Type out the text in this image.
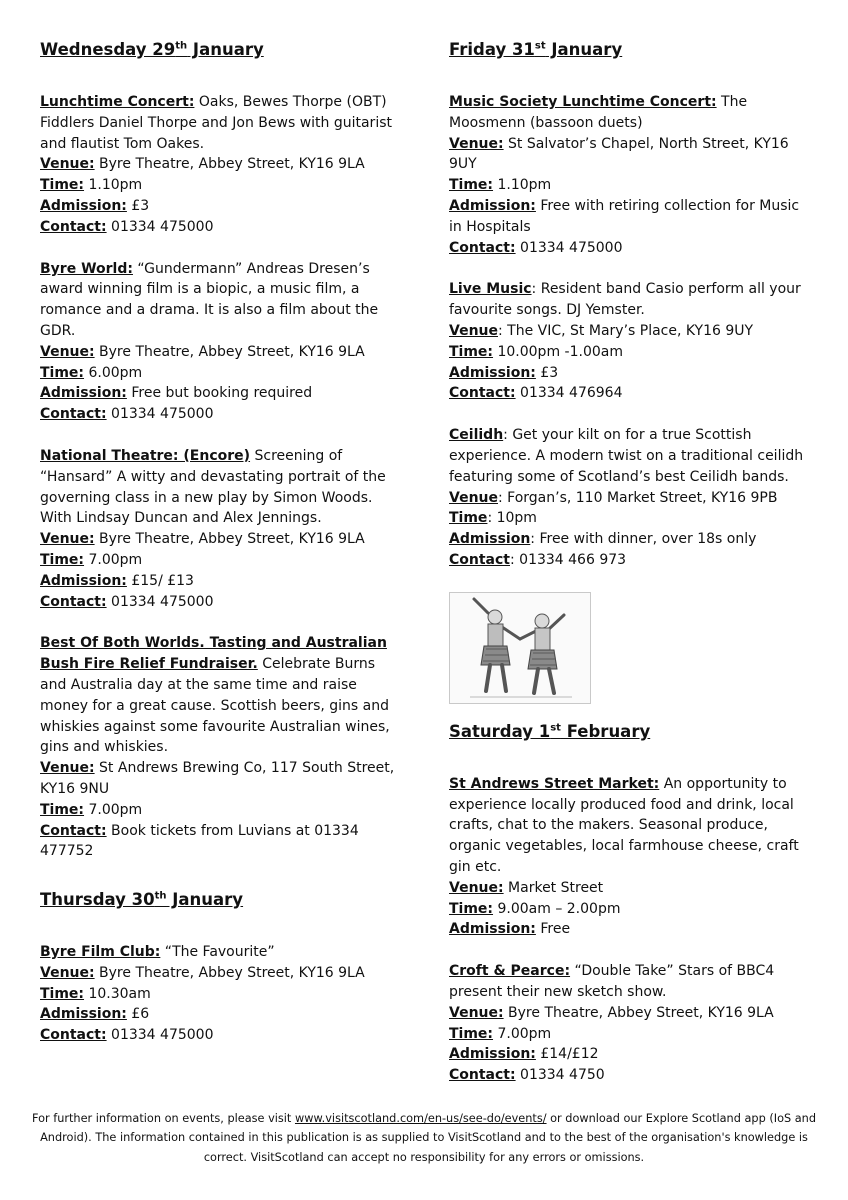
Wednesday 29th January

Lunchtime Concert: Oaks, Bewes Thorpe (OBT) Fiddlers Daniel Thorpe and Jon Bews with guitarist and flautist Tom Oakes.

Venue: Byre Theatre, Abbey Street, KY16 9LA

Time: 1.10pm

Admission: £3

Contact: 01334 475000

Byre World: “Gundermann” Andreas Dresen’s award winning film is a biopic, a music film, a romance and a drama. It is also a film about the GDR.

Venue: Byre Theatre, Abbey Street, KY16 9LA

Time: 6.00pm

Admission: Free but booking required

Contact: 01334 475000

National Theatre: (Encore) Screening of “Hansard” A witty and devastating portrait of the governing class in a new play by Simon Woods. With Lindsay Duncan and Alex Jennings.

Venue: Byre Theatre, Abbey Street, KY16 9LA

Time: 7.00pm

Admission: £15/ £13

Contact: 01334 475000

Best Of Both Worlds. Tasting and Australian Bush Fire Relief Fundraiser. Celebrate Burns and Australia day at the same time and raise money for a great cause. Scottish beers, gins and whiskies against some favourite Australian wines, gins and whiskies.

Venue: St Andrews Brewing Co, 117 South Street, KY16 9NU

Time: 7.00pm

Contact: Book tickets from Luvians at 01334 477752

Thursday 30th January

Byre Film Club: “The Favourite”

Venue: Byre Theatre, Abbey Street, KY16 9LA

Time: 10.30am

Admission: £6

Contact: 01334 475000

Friday 31st January

Music Society Lunchtime Concert: The Moosmenn (bassoon duets)

Venue: St Salvator’s Chapel, North Street, KY16 9UY

Time: 1.10pm

Admission: Free with retiring collection for Music in Hospitals

Contact: 01334 475000

Live Music: Resident band Casio perform all your favourite songs. DJ Yemster.

Venue: The VIC, St Mary’s Place, KY16 9UY

Time: 10.00pm -1.00am

Admission: £3

Contact: 01334 476964

Ceilidh: Get your kilt on for a true Scottish experience. A modern twist on a traditional ceilidh featuring some of Scotland’s best Ceilidh bands.

Venue: Forgan’s, 110 Market Street, KY16 9PB

Time: 10pm

Admission: Free with dinner, over 18s only

Contact: 01334 466 973

Saturday 1st February

St Andrews Street Market: An opportunity to experience locally produced food and drink, local crafts, chat to the makers. Seasonal produce, organic vegetables, local farmhouse cheese, craft gin etc.

Venue: Market Street

Time: 9.00am – 2.00pm

Admission: Free

Croft & Pearce: “Double Take” Stars of BBC4 present their new sketch show.

Venue: Byre Theatre, Abbey Street, KY16 9LA

Time: 7.00pm

Admission: £14/£12

Contact: 01334 4750

For further information on events, please visit www.visitscotland.com/en-us/see-do/events/ or download our Explore Scotland app (IoS and Android). The information contained in this publication is as supplied to VisitScotland and to the best of the organisation's knowledge is correct. VisitScotland can accept no responsibility for any errors or omissions.
